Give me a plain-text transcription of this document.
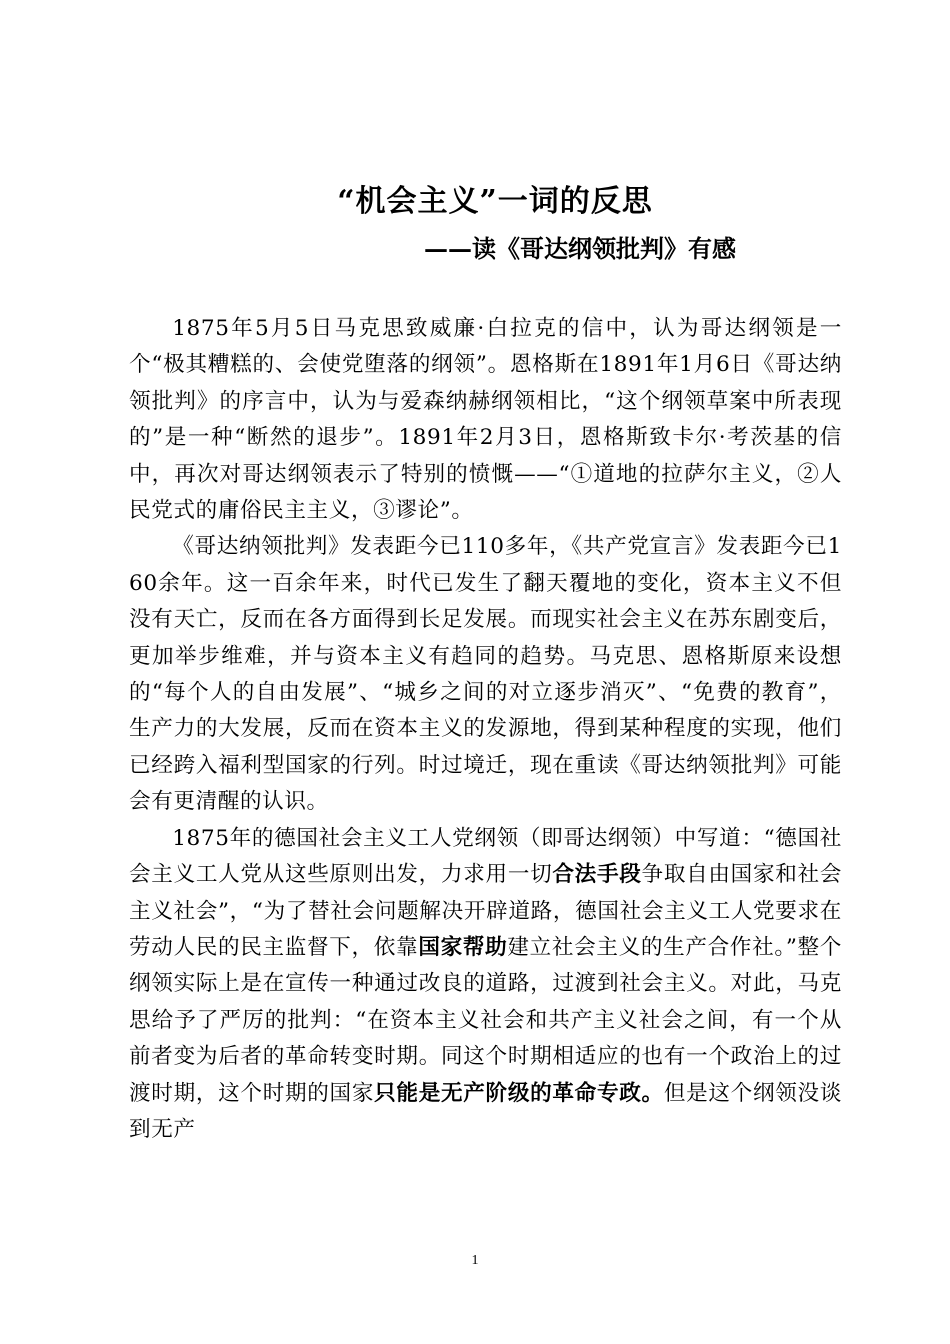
“机会主义”一词的反思
——读《哥达纲领批判》有感

1875年5月5日马克思致威廉·白拉克的信中，认为哥达纲领是一个“极其糟糕的、会使党堕落的纲领”。恩格斯在1891年1月6日《哥达纳领批判》的序言中，认为与爱森纳赫纲领相比，“这个纲领草案中所表现的”是一种“断然的退步”。1891年2月3日，恩格斯致卡尔·考茨基的信中，再次对哥达纲领表示了特别的愤慨——“①道地的拉萨尔主义，②人民党式的庸俗民主主义，③谬论”。

《哥达纳领批判》发表距今已110多年，《共产党宣言》发表距今已160余年。这一百余年来，时代已发生了翻天覆地的变化，资本主义不但没有天亡，反而在各方面得到长足发展。而现实社会主义在苏东剧变后，更加举步维难，并与资本主义有趋同的趋势。马克思、恩格斯原来设想的“每个人的自由发展”、“城乡之间的对立逐步消灭”、“免费的教育”，生产力的大发展，反而在资本主义的发源地，得到某种程度的实现，他们已经跨入福利型国家的行列。时过境迁，现在重读《哥达纳领批判》可能会有更清醒的认识。

1875年的德国社会主义工人党纲领（即哥达纲领）中写道：“德国社会主义工人党从这些原则出发，力求用一切合法手段争取自由国家和社会主义社会”，“为了替社会问题解决开辟道路，德国社会主义工人党要求在劳动人民的民主监督下，依靠国家帮助建立社会主义的生产合作社。”整个纲领实际上是在宣传一种通过改良的道路，过渡到社会主义。对此，马克思给予了严厉的批判：“在资本主义社会和共产主义社会之间，有一个从前者变为后者的革命转变时期。同这个时期相适应的也有一个政治上的过渡时期，这个时期的国家只能是无产阶级的革命专政。但是这个纲领没谈到无产

1
